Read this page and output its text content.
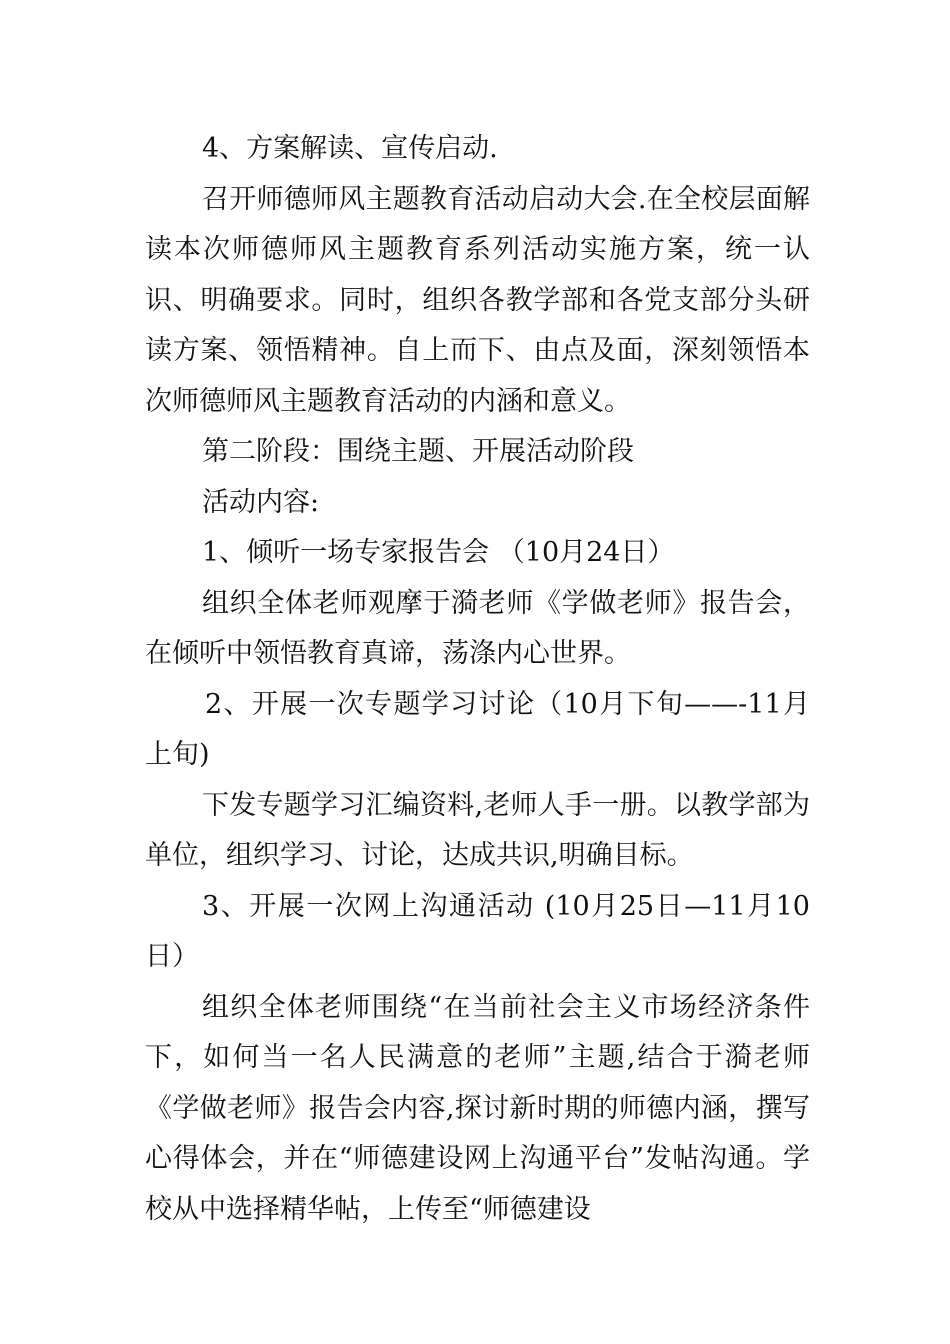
4、方案解读、宣传启动.

召开师德师风主题教育活动启动大会.在全校层面解读本次师德师风主题教育系列活动实施方案，统一认识、明确要求。同时，组织各教学部和各党支部分头研读方案、领悟精神。自上而下、由点及面，深刻领悟本次师德师风主题教育活动的内涵和意义。

第二阶段：围绕主题、开展活动阶段

活动内容:

1、倾听一场专家报告会 （10月24日）

组织全体老师观摩于漪老师《学做老师》报告会，在倾听中领悟教育真谛，荡涤内心世界。

2、开展一次专题学习讨论（10月下旬——-11月上旬)

下发专题学习汇编资料,老师人手一册。以教学部为单位，组织学习、讨论，达成共识,明确目标。

3、开展一次网上沟通活动 (10月25日—11月10日）

组织全体老师围绕“在当前社会主义市场经济条件下，如何当一名人民满意的老师”主题,结合于漪老师《学做老师》报告会内容,探讨新时期的师德内涵，撰写心得体会，并在“师德建设网上沟通平台”发帖沟通。学校从中选择精华帖，上传至“师德建设
